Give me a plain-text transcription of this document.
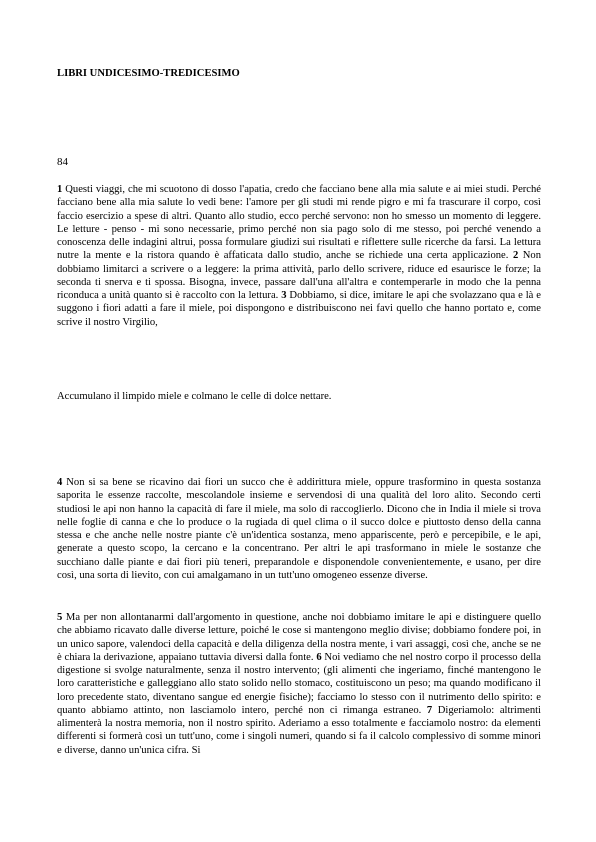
LIBRI UNDICESIMO-TREDICESIMO
84

1 Questi viaggi, che mi scuotono di dosso l'apatia, credo che facciano bene alla mia salute e ai miei studi. Perché facciano bene alla mia salute lo vedi bene: l'amore per gli studi mi rende pigro e mi fa trascurare il corpo, così faccio esercizio a spese di altri. Quanto allo studio, ecco perché servono: non ho smesso un momento di leggere. Le letture - penso - mi sono necessarie, primo perché non sia pago solo di me stesso, poi perché venendo a conoscenza delle indagini altrui, possa formulare giudizi sui risultati e riflettere sulle ricerche da farsi. La lettura nutre la mente e la ristora quando è affaticata dallo studio, anche se richiede una certa applicazione. 2 Non dobbiamo limitarci a scrivere o a leggere: la prima attività, parlo dello scrivere, riduce ed esaurisce le forze; la seconda ti snerva e ti spossa. Bisogna, invece, passare dall'una all'altra e contemperarle in modo che la penna riconduca a unità quanto si è raccolto con la lettura. 3 Dobbiamo, si dice, imitare le api che svolazzano qua e là e suggono i fiori adatti a fare il miele, poi dispongono e distribuiscono nei favi quello che hanno portato e, come scrive il nostro Virgilio,

Accumulano il limpido miele e colmano le celle di dolce nettare.

4 Non si sa bene se ricavino dai fiori un succo che è addirittura miele, oppure trasformino in questa sostanza saporita le essenze raccolte, mescolandole insieme e servendosi di una qualità del loro alito. Secondo certi studiosi le api non hanno la capacità di fare il miele, ma solo di raccoglierlo. Dicono che in India il miele si trova nelle foglie di canna e che lo produce o la rugiada di quel clima o il succo dolce e piuttosto denso della canna stessa e che anche nelle nostre piante c'è un'identica sostanza, meno appariscente, però e percepibile, e le api, generate a questo scopo, la cercano e la concentrano. Per altri le api trasformano in miele le sostanze che succhiano dalle piante e dai fiori più teneri, preparandole e disponendole convenientemente, e usano, per dire così, una sorta di lievito, con cui amalgamano in un tutt'uno omogeneo essenze diverse.

5 Ma per non allontanarmi dall'argomento in questione, anche noi dobbiamo imitare le api e distinguere quello che abbiamo ricavato dalle diverse letture, poiché le cose si mantengono meglio divise; dobbiamo fondere poi, in un unico sapore, valendoci della capacità e della diligenza della nostra mente, i vari assaggi, così che, anche se ne è chiara la derivazione, appaiano tuttavia diversi dalla fonte. 6 Noi vediamo che nel nostro corpo il processo della digestione si svolge naturalmente, senza il nostro intervento; (gli alimenti che ingeriamo, finché mantengono le loro caratteristiche e galleggiano allo stato solido nello stomaco, costituiscono un peso; ma quando modificano il loro precedente stato, diventano sangue ed energie fisiche); facciamo lo stesso con il nutrimento dello spirito: e quanto abbiamo attinto, non lasciamolo intero, perché non ci rimanga estraneo. 7 Digeriamolo: altrimenti alimenterà la nostra memoria, non il nostro spirito. Aderiamo a esso totalmente e facciamolo nostro: da elementi differenti si formerà così un tutt'uno, come i singoli numeri, quando si fa il calcolo complessivo di somme minori e diverse, danno un'unica cifra. Si
